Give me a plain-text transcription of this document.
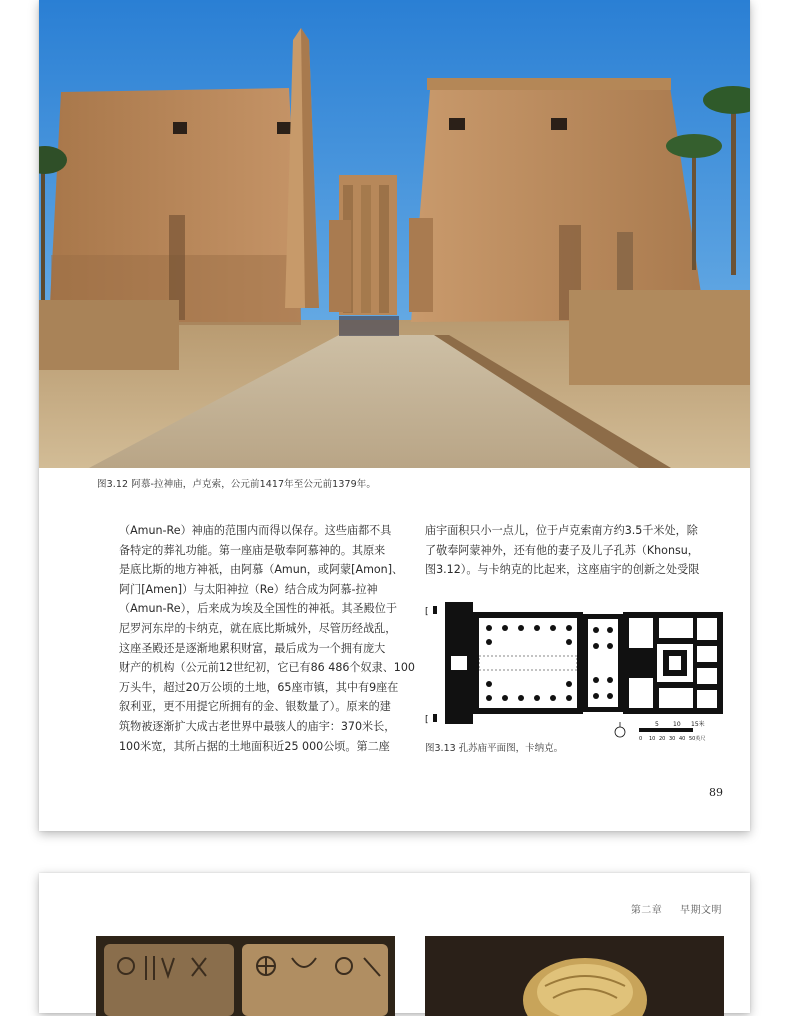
图3.12 阿慕-拉神庙，卢克索，公元前1417年至公元前1379年。

（Amun-Re）神庙的范围内而得以保存。这些庙都不具

备特定的葬礼功能。第一座庙是敬奉阿慕神的。其原来

是底比斯的地方神祇，由阿慕（Amun，或阿蒙[Amon]、

阿门[Amen]）与太阳神拉（Re）结合成为阿慕-拉神

（Amun-Re），后来成为埃及全国性的神祇。其圣殿位于

尼罗河东岸的卡纳克，就在底比斯城外，尽管历经战乱，

这座圣殿还是逐渐地累积财富，最后成为一个拥有庞大

财产的机构（公元前12世纪初，它已有86 486个奴隶、100

万头牛，超过20万公顷的土地，65座市镇，其中有9座在

叙利亚，更不用提它所拥有的金、银数量了）。原来的建

筑物被逐渐扩大成古老世界中最骇人的庙宇：370米长，

100米宽，其所占据的土地面积近25 000公顷。第二座

庙宇面积只小一点儿，位于卢克索南方约3.5千米处，除

了敬奉阿蒙神外，还有他的妻子及儿子孔苏（Khonsu，

图3.12）。与卡纳克的比起来，这座庙宇的创新之处受限

[
[	5 10 15米
0 10 20 30 40 50英尺
图3.13 孔苏庙平面图，卡纳克。
89
第二章 早期文明
